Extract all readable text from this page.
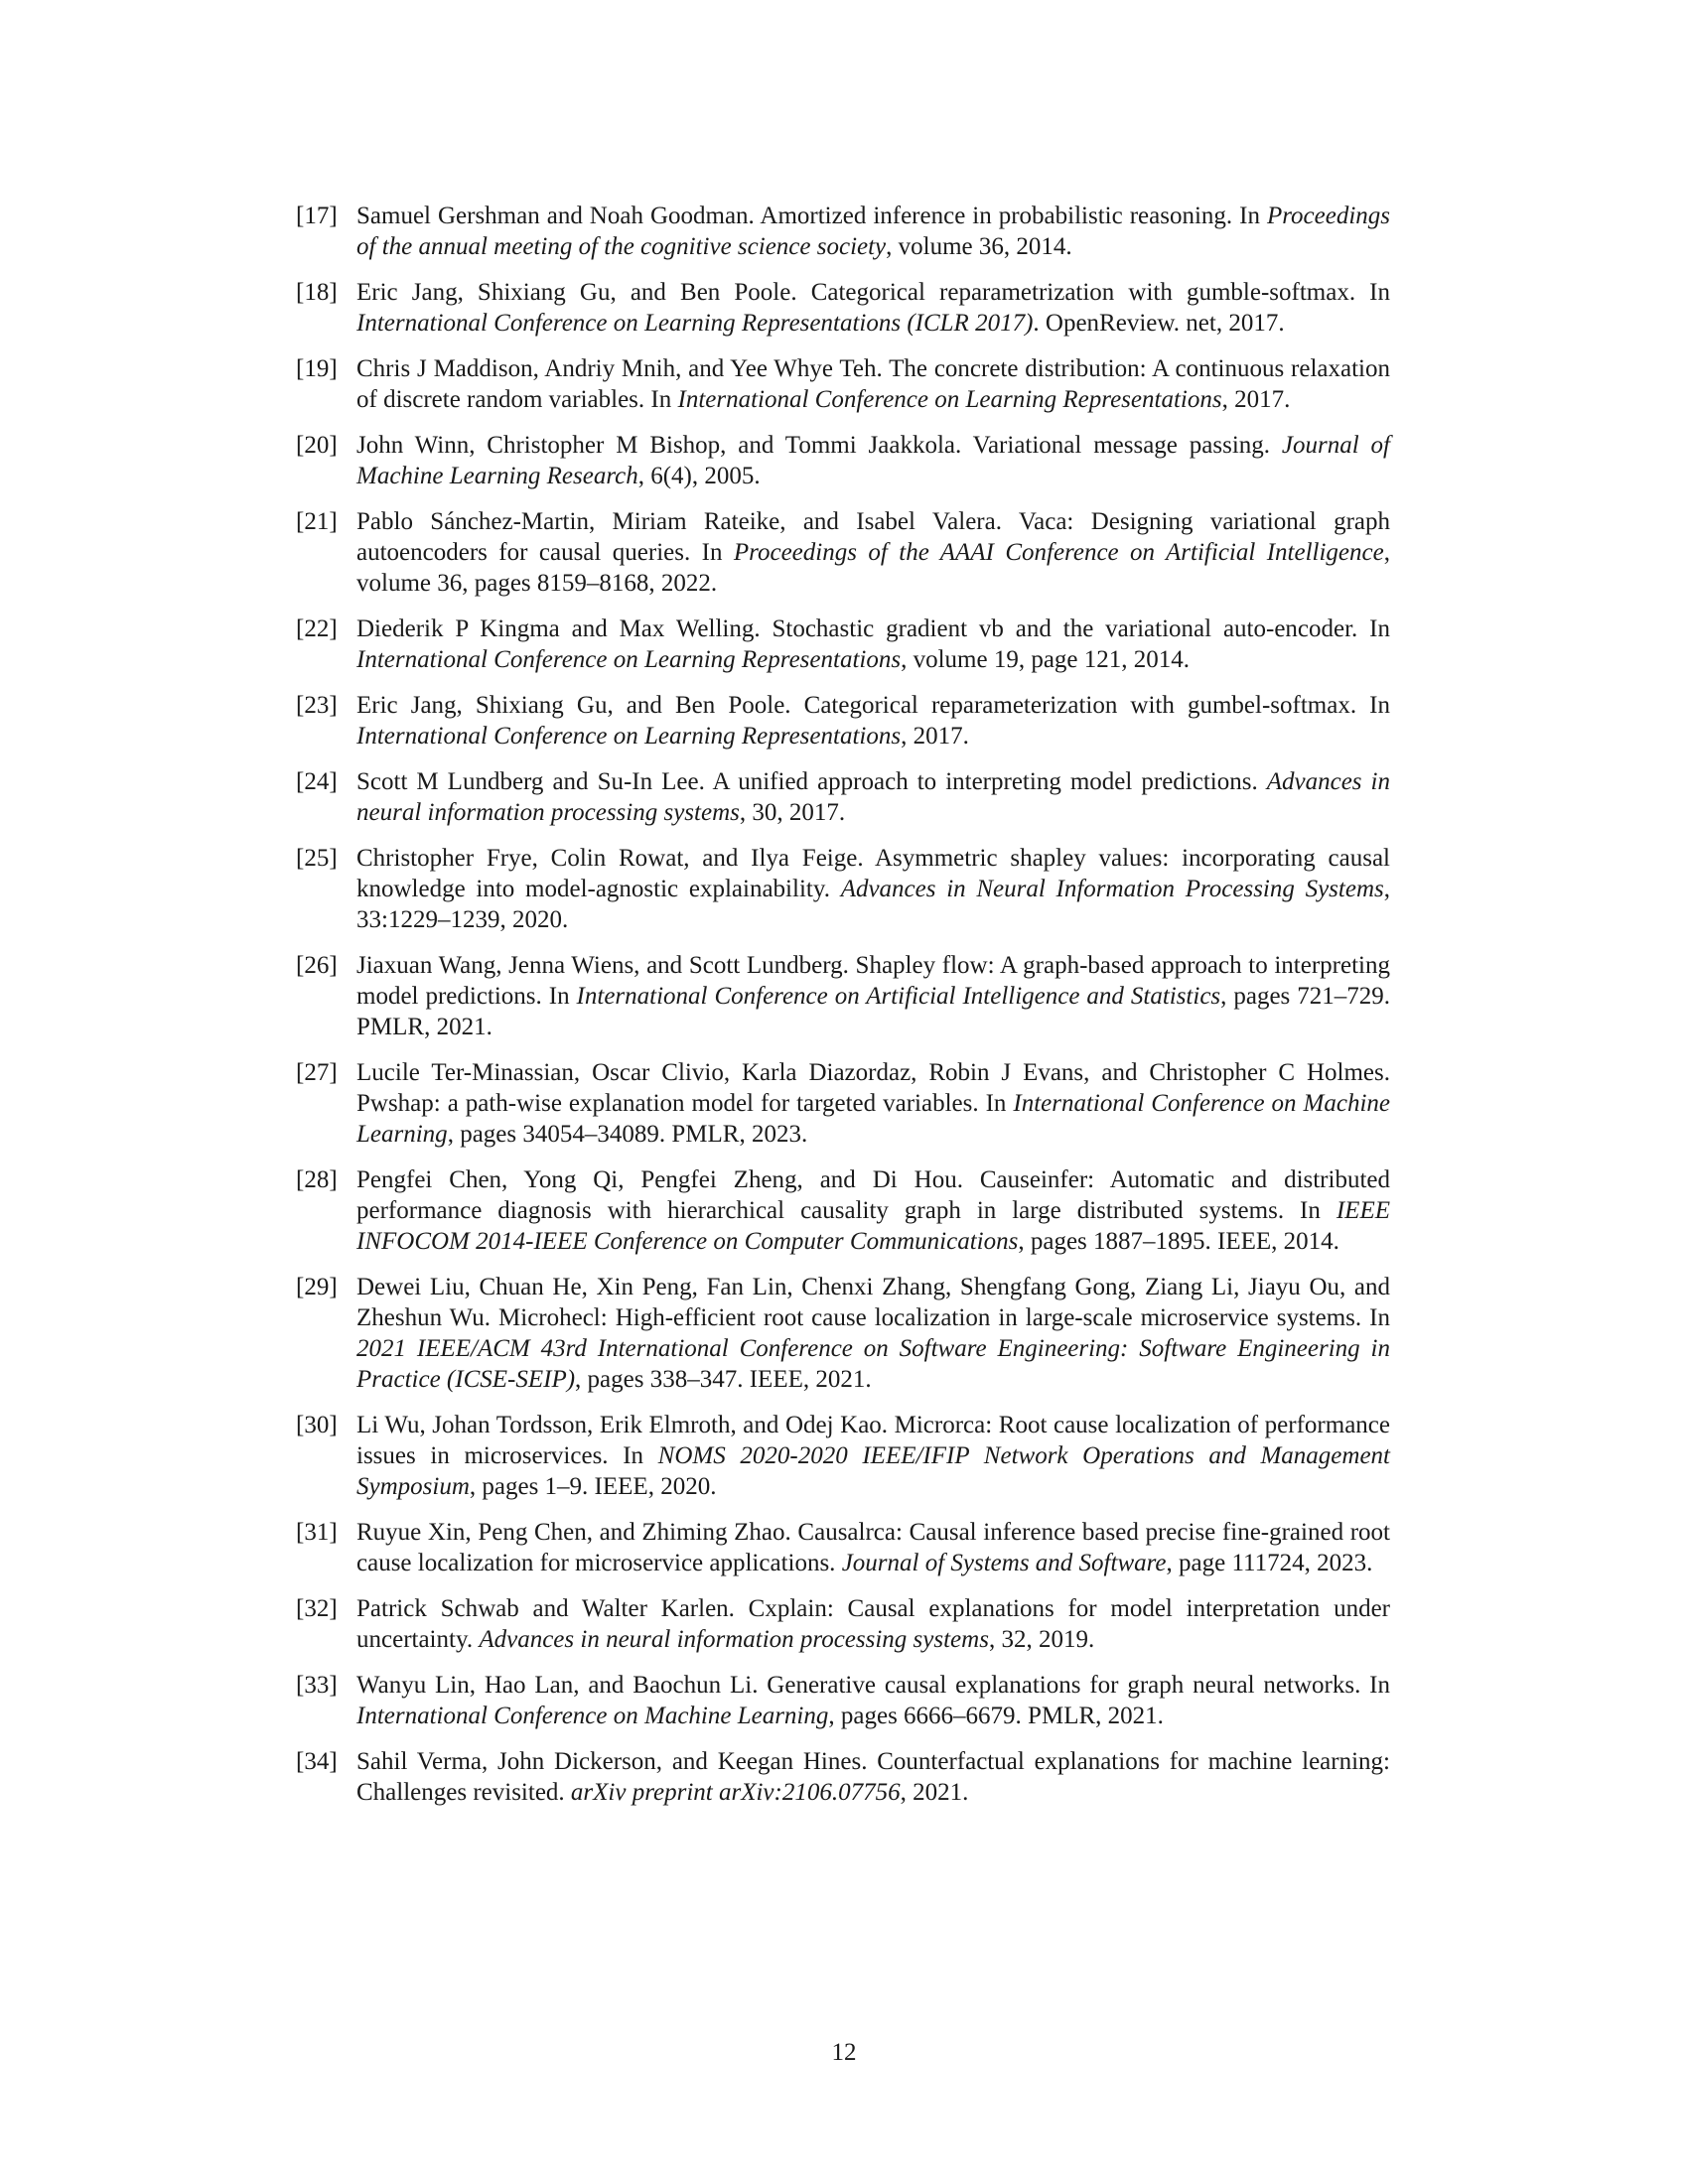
[17] Samuel Gershman and Noah Goodman. Amortized inference in probabilistic reasoning. In Proceedings of the annual meeting of the cognitive science society, volume 36, 2014.
[18] Eric Jang, Shixiang Gu, and Ben Poole. Categorical reparametrization with gumble-softmax. In International Conference on Learning Representations (ICLR 2017). OpenReview. net, 2017.
[19] Chris J Maddison, Andriy Mnih, and Yee Whye Teh. The concrete distribution: A continuous relaxation of discrete random variables. In International Conference on Learning Representations, 2017.
[20] John Winn, Christopher M Bishop, and Tommi Jaakkola. Variational message passing. Journal of Machine Learning Research, 6(4), 2005.
[21] Pablo Sánchez-Martin, Miriam Rateike, and Isabel Valera. Vaca: Designing variational graph autoencoders for causal queries. In Proceedings of the AAAI Conference on Artificial Intelligence, volume 36, pages 8159–8168, 2022.
[22] Diederik P Kingma and Max Welling. Stochastic gradient vb and the variational auto-encoder. In International Conference on Learning Representations, volume 19, page 121, 2014.
[23] Eric Jang, Shixiang Gu, and Ben Poole. Categorical reparameterization with gumbel-softmax. In International Conference on Learning Representations, 2017.
[24] Scott M Lundberg and Su-In Lee. A unified approach to interpreting model predictions. Advances in neural information processing systems, 30, 2017.
[25] Christopher Frye, Colin Rowat, and Ilya Feige. Asymmetric shapley values: incorporating causal knowledge into model-agnostic explainability. Advances in Neural Information Processing Systems, 33:1229–1239, 2020.
[26] Jiaxuan Wang, Jenna Wiens, and Scott Lundberg. Shapley flow: A graph-based approach to interpreting model predictions. In International Conference on Artificial Intelligence and Statistics, pages 721–729. PMLR, 2021.
[27] Lucile Ter-Minassian, Oscar Clivio, Karla Diazordaz, Robin J Evans, and Christopher C Holmes. Pwshap: a path-wise explanation model for targeted variables. In International Conference on Machine Learning, pages 34054–34089. PMLR, 2023.
[28] Pengfei Chen, Yong Qi, Pengfei Zheng, and Di Hou. Causeinfer: Automatic and distributed performance diagnosis with hierarchical causality graph in large distributed systems. In IEEE INFOCOM 2014-IEEE Conference on Computer Communications, pages 1887–1895. IEEE, 2014.
[29] Dewei Liu, Chuan He, Xin Peng, Fan Lin, Chenxi Zhang, Shengfang Gong, Ziang Li, Jiayu Ou, and Zheshun Wu. Microhecl: High-efficient root cause localization in large-scale microservice systems. In 2021 IEEE/ACM 43rd International Conference on Software Engineering: Software Engineering in Practice (ICSE-SEIP), pages 338–347. IEEE, 2021.
[30] Li Wu, Johan Tordsson, Erik Elmroth, and Odej Kao. Microrca: Root cause localization of performance issues in microservices. In NOMS 2020-2020 IEEE/IFIP Network Operations and Management Symposium, pages 1–9. IEEE, 2020.
[31] Ruyue Xin, Peng Chen, and Zhiming Zhao. Causalrca: Causal inference based precise fine-grained root cause localization for microservice applications. Journal of Systems and Software, page 111724, 2023.
[32] Patrick Schwab and Walter Karlen. Cxplain: Causal explanations for model interpretation under uncertainty. Advances in neural information processing systems, 32, 2019.
[33] Wanyu Lin, Hao Lan, and Baochun Li. Generative causal explanations for graph neural networks. In International Conference on Machine Learning, pages 6666–6679. PMLR, 2021.
[34] Sahil Verma, John Dickerson, and Keegan Hines. Counterfactual explanations for machine learning: Challenges revisited. arXiv preprint arXiv:2106.07756, 2021.
12
